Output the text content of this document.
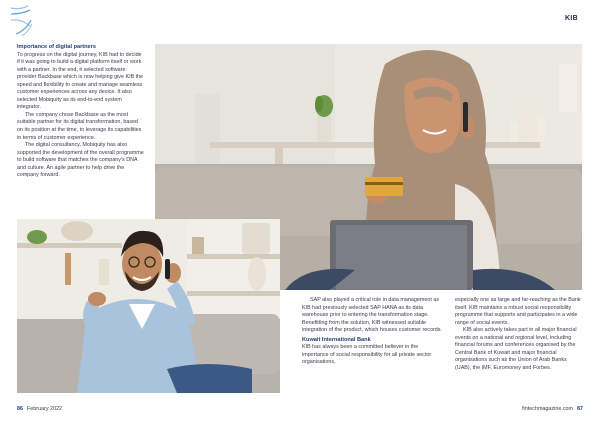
KIB
Importance of digital partners

To progress on the digital journey, KIB had to decide if it was going to build a digital platform itself or work with a partner. In the end, it selected software provider Backbase which is now helping give KIB the speed and flexibility to create and manage seamless customer experiences across any device. It also selected Mobiquity as its end-to-end system integrator.

The company chose Backbase as the most suitable partner for its digital transformation, based on its position at the time, to leverage its capabilities in terms of customer experience.

The digital consultancy, Mobiquity has also supported the development of the overall programme to build software that matches the company's DNA and culture. An agile partner to help drive the company forward.

SAP also played a critical role in data management as KIB had previously selected SAP HANA as its data warehouse prior to entering the transformation stage. Benefitting from the solution, KIB witnessed suitable integration of the product, which houses customer records.

Kuwait International Bank

KIB has always been a committed believer in the importance of social responsibility for all private sector organisations,

especially one as large and far-reaching as the Bank itself. KIB maintains a robust social responsibility programme that supports and participates in a wide range of social events.

KIB also actively takes part in all major financial events on a national and regional level, including financial forums and conferences organised by the Central Bank of Kuwait and major financial organisations such as the Union of Arab Banks (UAB), the IMF, Euromoney and Forbes.

86 February 2022	fintechmagazine.com 87
